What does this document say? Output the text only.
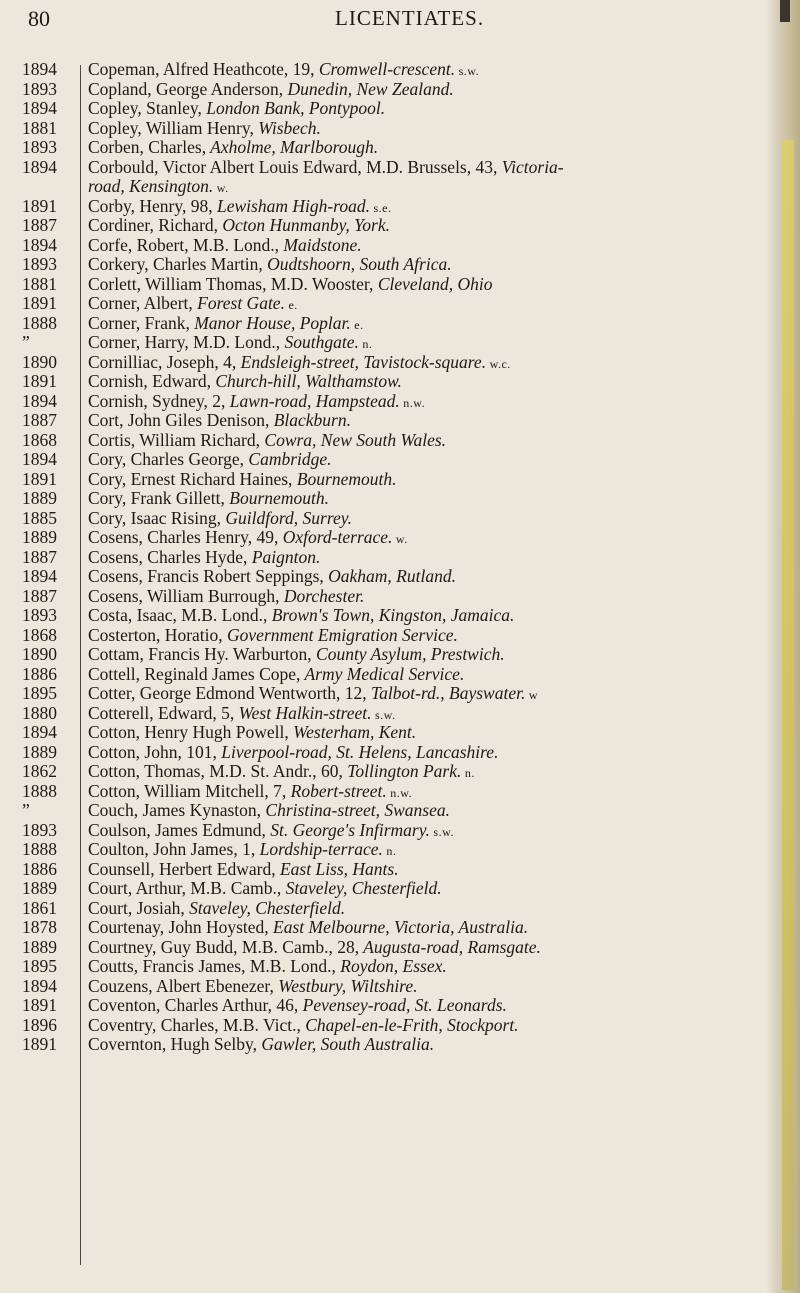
80	LICENTIATES.
1894
1893
1894
1881
1893
1894
1891
1887
1894
1893
1881
1891
1888
”
1890
1891
1894
1887
1868
1894
1891
1889
1885
1889
1887
1894
1887
1893
1868
1890
1886
1895
1880
1894
1889
1862
1888
”
1893
1888
1886
1889
1861
1878
1889
1895
1894
1891
1896
1891
Copeman, Alfred Heathcote, 19, Cromwell-crescent. s.w.
Copland, George Anderson, Dunedin, New Zealand.
Copley, Stanley, London Bank, Pontypool.
Copley, William Henry, Wisbech.
Corben, Charles, Axholme, Marlborough.
Corbould, Victor Albert Louis Edward, M.D. Brussels, 43, Victoria-
road, Kensington. w.
Corby, Henry, 98, Lewisham High-road. s.e.
Cordiner, Richard, Octon Hunmanby, York.
Corfe, Robert, M.B. Lond., Maidstone.
Corkery, Charles Martin, Oudtshoorn, South Africa.
Corlett, William Thomas, M.D. Wooster, Cleveland, Ohio
Corner, Albert, Forest Gate. e.
Corner, Frank, Manor House, Poplar. e.
Corner, Harry, M.D. Lond., Southgate. n.
Cornilliac, Joseph, 4, Endsleigh-street, Tavistock-square. w.c.
Cornish, Edward, Church-hill, Walthamstow.
Cornish, Sydney, 2, Lawn-road, Hampstead. n.w.
Cort, John Giles Denison, Blackburn.
Cortis, William Richard, Cowra, New South Wales.
Cory, Charles George, Cambridge.
Cory, Ernest Richard Haines, Bournemouth.
Cory, Frank Gillett, Bournemouth.
Cory, Isaac Rising, Guildford, Surrey.
Cosens, Charles Henry, 49, Oxford-terrace. w.
Cosens, Charles Hyde, Paignton.
Cosens, Francis Robert Seppings, Oakham, Rutland.
Cosens, William Burrough, Dorchester.
Costa, Isaac, M.B. Lond., Brown's Town, Kingston, Jamaica.
Costerton, Horatio, Government Emigration Service.
Cottam, Francis Hy. Warburton, County Asylum, Prestwich.
Cottell, Reginald James Cope, Army Medical Service.
Cotter, George Edmond Wentworth, 12, Talbot-rd., Bayswater. w
Cotterell, Edward, 5, West Halkin-street. s.w.
Cotton, Henry Hugh Powell, Westerham, Kent.
Cotton, John, 101, Liverpool-road, St. Helens, Lancashire.
Cotton, Thomas, M.D. St. Andr., 60, Tollington Park. n.
Cotton, William Mitchell, 7, Robert-street. n.w.
Couch, James Kynaston, Christina-street, Swansea.
Coulson, James Edmund, St. George's Infirmary. s.w.
Coulton, John James, 1, Lordship-terrace. n.
Counsell, Herbert Edward, East Liss, Hants.
Court, Arthur, M.B. Camb., Staveley, Chesterfield.
Court, Josiah, Staveley, Chesterfield.
Courtenay, John Hoysted, East Melbourne, Victoria, Australia.
Courtney, Guy Budd, M.B. Camb., 28, Augusta-road, Ramsgate.
Coutts, Francis James, M.B. Lond., Roydon, Essex.
Couzens, Albert Ebenezer, Westbury, Wiltshire.
Coventon, Charles Arthur, 46, Pevensey-road, St. Leonards.
Coventry, Charles, M.B. Vict., Chapel-en-le-Frith, Stockport.
Covernton, Hugh Selby, Gawler, South Australia.
